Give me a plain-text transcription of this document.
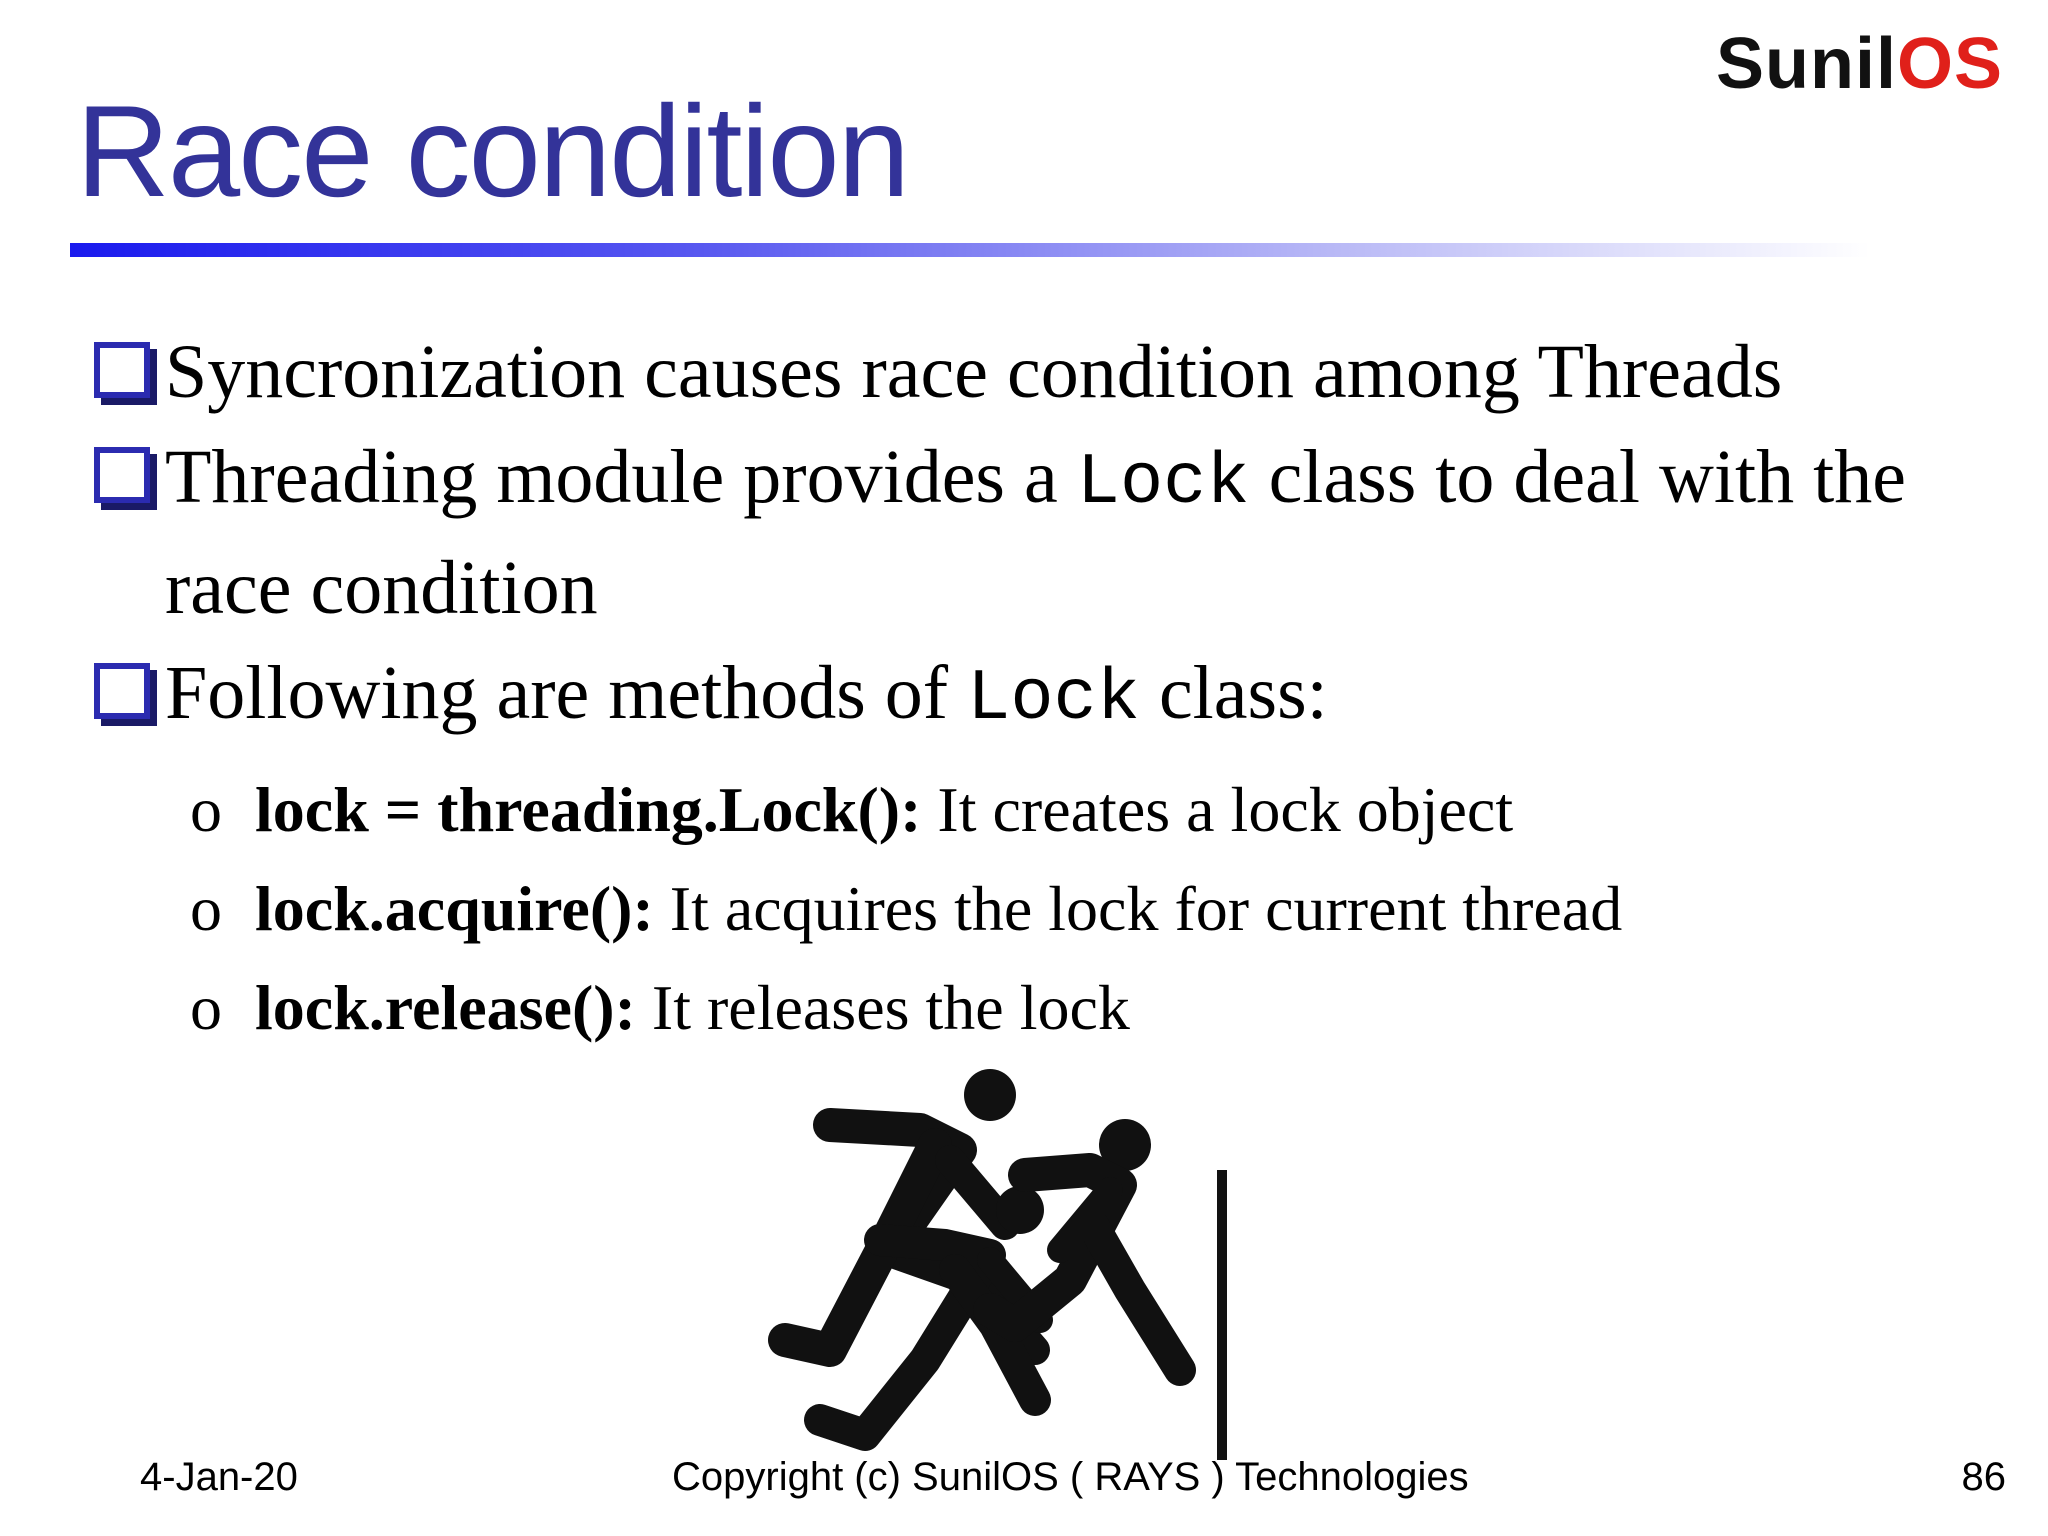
SunilOS
Race condition
Syncronization causes race condition among Threads
Threading module provides a Lock class to deal with the race condition
Following are methods of Lock class:
o lock = threading.Lock(): It creates a lock object
o lock.acquire(): It acquires the lock for current thread
o lock.release(): It releases the lock
4-Jan-20	Copyright (c) SunilOS ( RAYS ) Technologies	86
